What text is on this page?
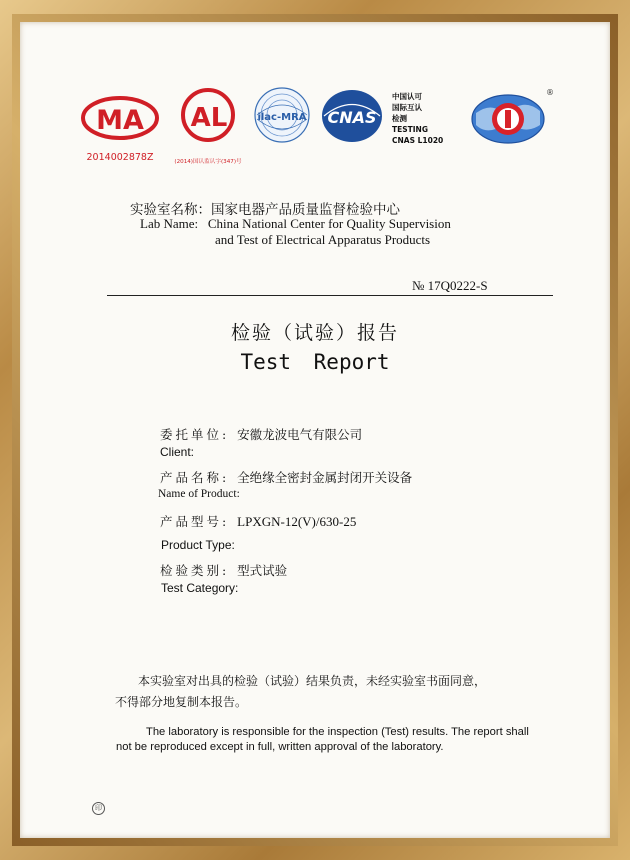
MA
2014002878Z
AL
(2014)国认监认字(347)号
ilac-MRA CNAS
中国认可
国际互认
检测
TESTING
CNAS L1020
®
实验室名称：国家电器产品质量监督检验中心
Lab Name: China National Center for Quality Supervision
and Test of Electrical Apparatus Products
№ 17Q0222-S
检验（试验）报告
Test Report
委托单位: 安徽龙波电气有限公司
Client:
产品名称: 全绝缘全密封金属封闭开关设备
Name of Product:
产品型号: LPXGN-12(V)/630-25
Product Type:
检验类别: 型式试验
Test Category:
本实验室对出具的检验（试验）结果负责，未经实验室书面同意，
不得部分地复制本报告。
The laboratory is responsible for the inspection (Test) results. The report shall
not be reproduced except in full, written approval of the laboratory.
印
